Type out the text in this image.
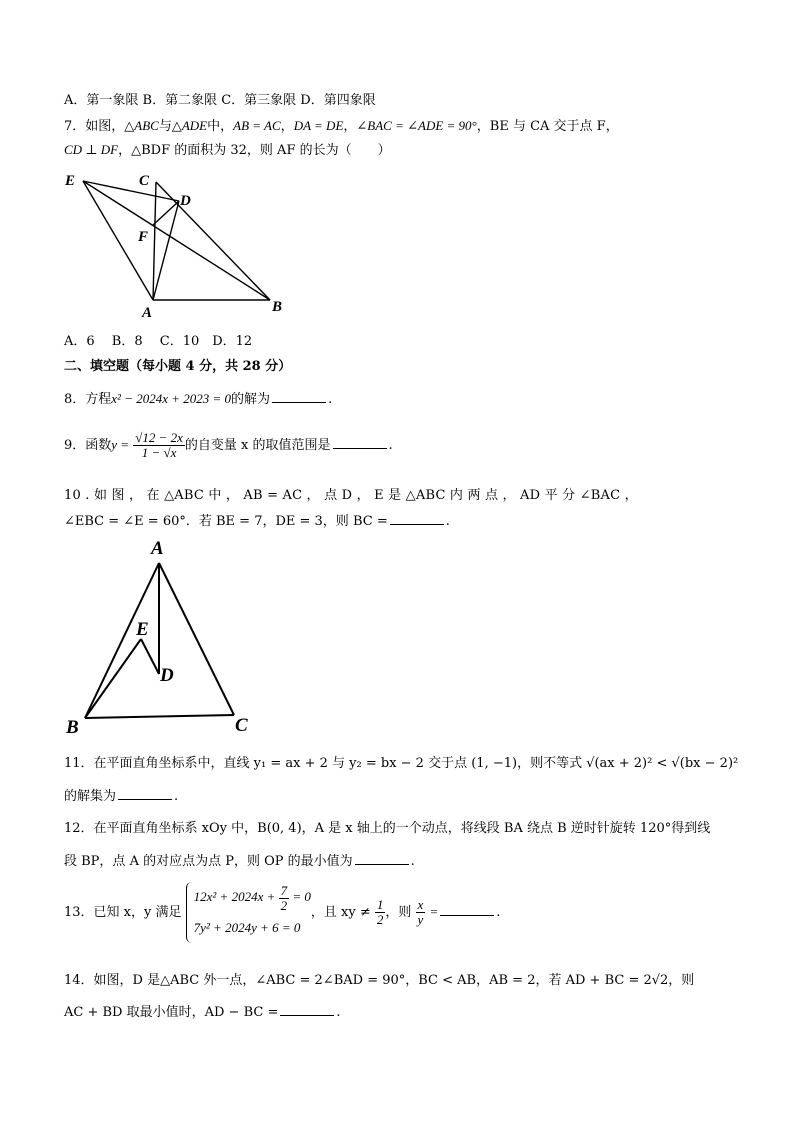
A．第一象限 B．第二象限 C．第三象限 D．第四象限
7．如图，△ABC与△ADE中，AB = AC，DA = DE，∠BAC = ∠ADE = 90°，BE 与 CA 交于点 F，
CD ⊥ DF，△BDF 的面积为 32，则 AF 的长为（　　）
E	C
D
F
A	B
A．6　 B．8　 C．10　D．12
二、填空题（每小题 4 分，共 28 分）
8．方程x² − 2024x + 2023 = 0的解为	.
9．函数$y = \frac{√12 - 2x}{1 - √x}$ 的自变量 x 的取值范围是	.
10 . 如 图 ， 在 △ABC 中 ， AB = AC ， 点 D ， E 是 △ABC 内 两 点 ， AD 平 分 ∠BAC ，
∠EBC = ∠E = 60°．若 BE = 7，DE = 3，则 BC =	.
A
E
D
B	C
11．在平面直角坐标系中，直线 y₁ = ax + 2 与 y₂ = bx − 2 交于点 (1, −1)，则不等式 √(ax + 2)² < √(bx − 2)²
的解集为	.
12．在平面直角坐标系 xOy 中，B(0, 4)，A 是 x 轴上的一个动点，将线段 BA 绕点 B 逆时针旋转 120°得到线
段 BP，点 A 的对应点为点 P，则 OP 的最小值为	.
13．已知 x，y 满足
$12x^2 + 2024x + \frac{7}{2} = 0$
7y² + 2024y + 6 = 0
，且 xy ≠ $\frac{1}{2}$ ，则 $\frac{x}{y}$ =	.
14．如图，D 是△ABC 外一点，∠ABC = 2∠BAD = 90°，BC < AB，AB = 2，若 AD + BC = 2√2，则
AC + BD 取最小值时，AD − BC =	.
